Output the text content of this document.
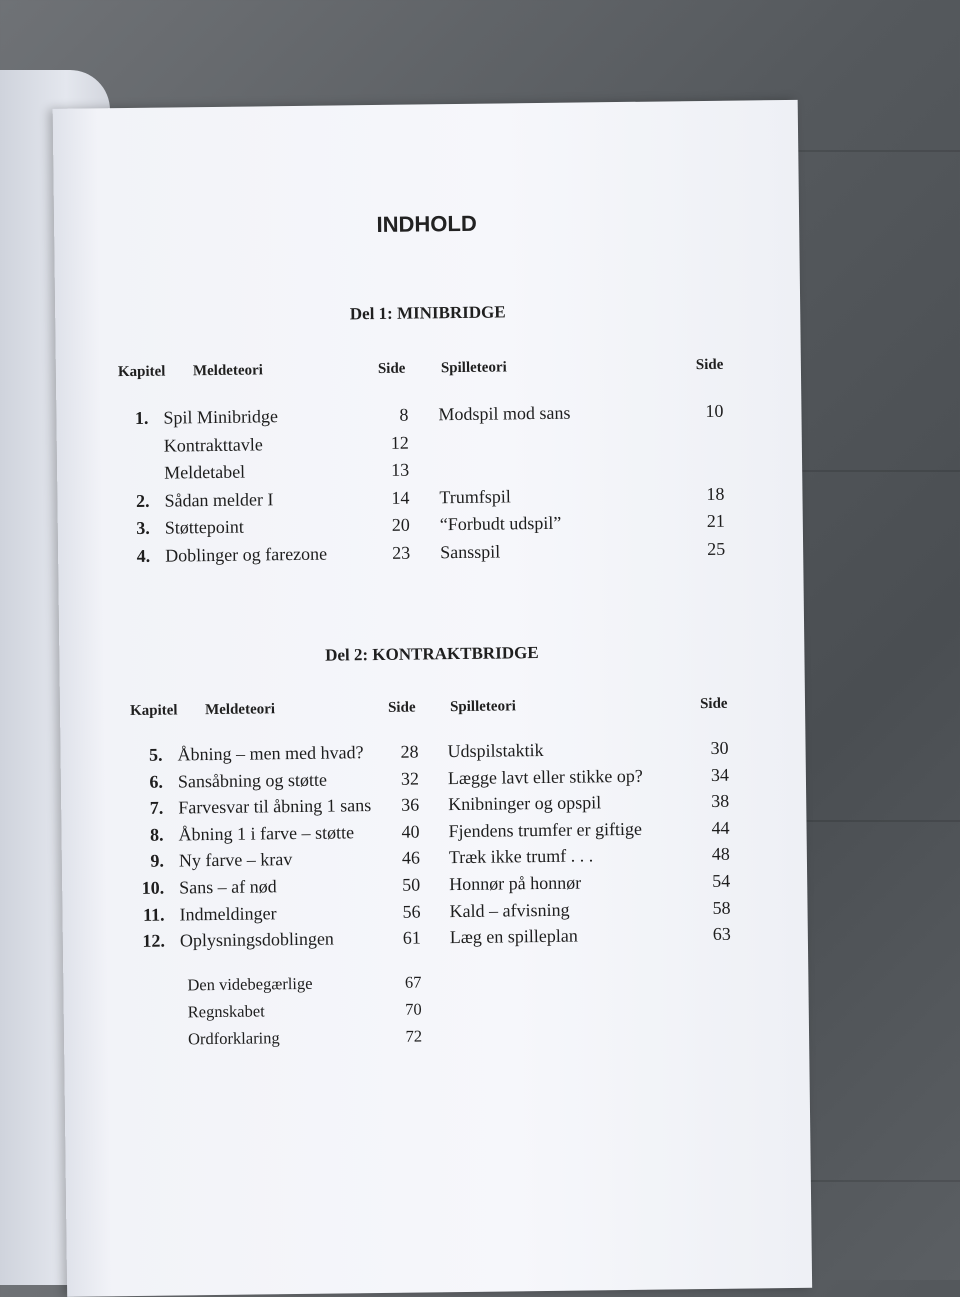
INDHOLD
Del 1: MINIBRIDGE
Kapitel Meldeteori	Side Spilleteori	Side
1. Spil Minibridge	8 Modspil mod sans	10
Kontrakttavle	12
Meldetabel	13
2. Sådan melder I	14 Trumfspil	18
3. Støttepoint	20 “Forbudt udspil”	21
4. Doblinger og farezone	23 Sansspil	25
Del 2: KONTRAKTBRIDGE
Kapitel Meldeteori	Side Spilleteori	Side
5. Åbning – men med hvad?	28 Udspilstaktik	30
6. Sansåbning og støtte	32 Lægge lavt eller stikke op?	34
7. Farvesvar til åbning 1 sans	36 Knibninger og opspil	38
8. Åbning 1 i farve – støtte	40 Fjendens trumfer er giftige	44
9. Ny farve – krav	46 Træk ikke trumf . . .	48
10. Sans – af nød	50 Honnør på honnør	54
11. Indmeldinger	56 Kald – afvisning	58
12. Oplysningsdoblingen	61 Læg en spilleplan	63
Den videbegærlige	67
Regnskabet	70
Ordforklaring	72
